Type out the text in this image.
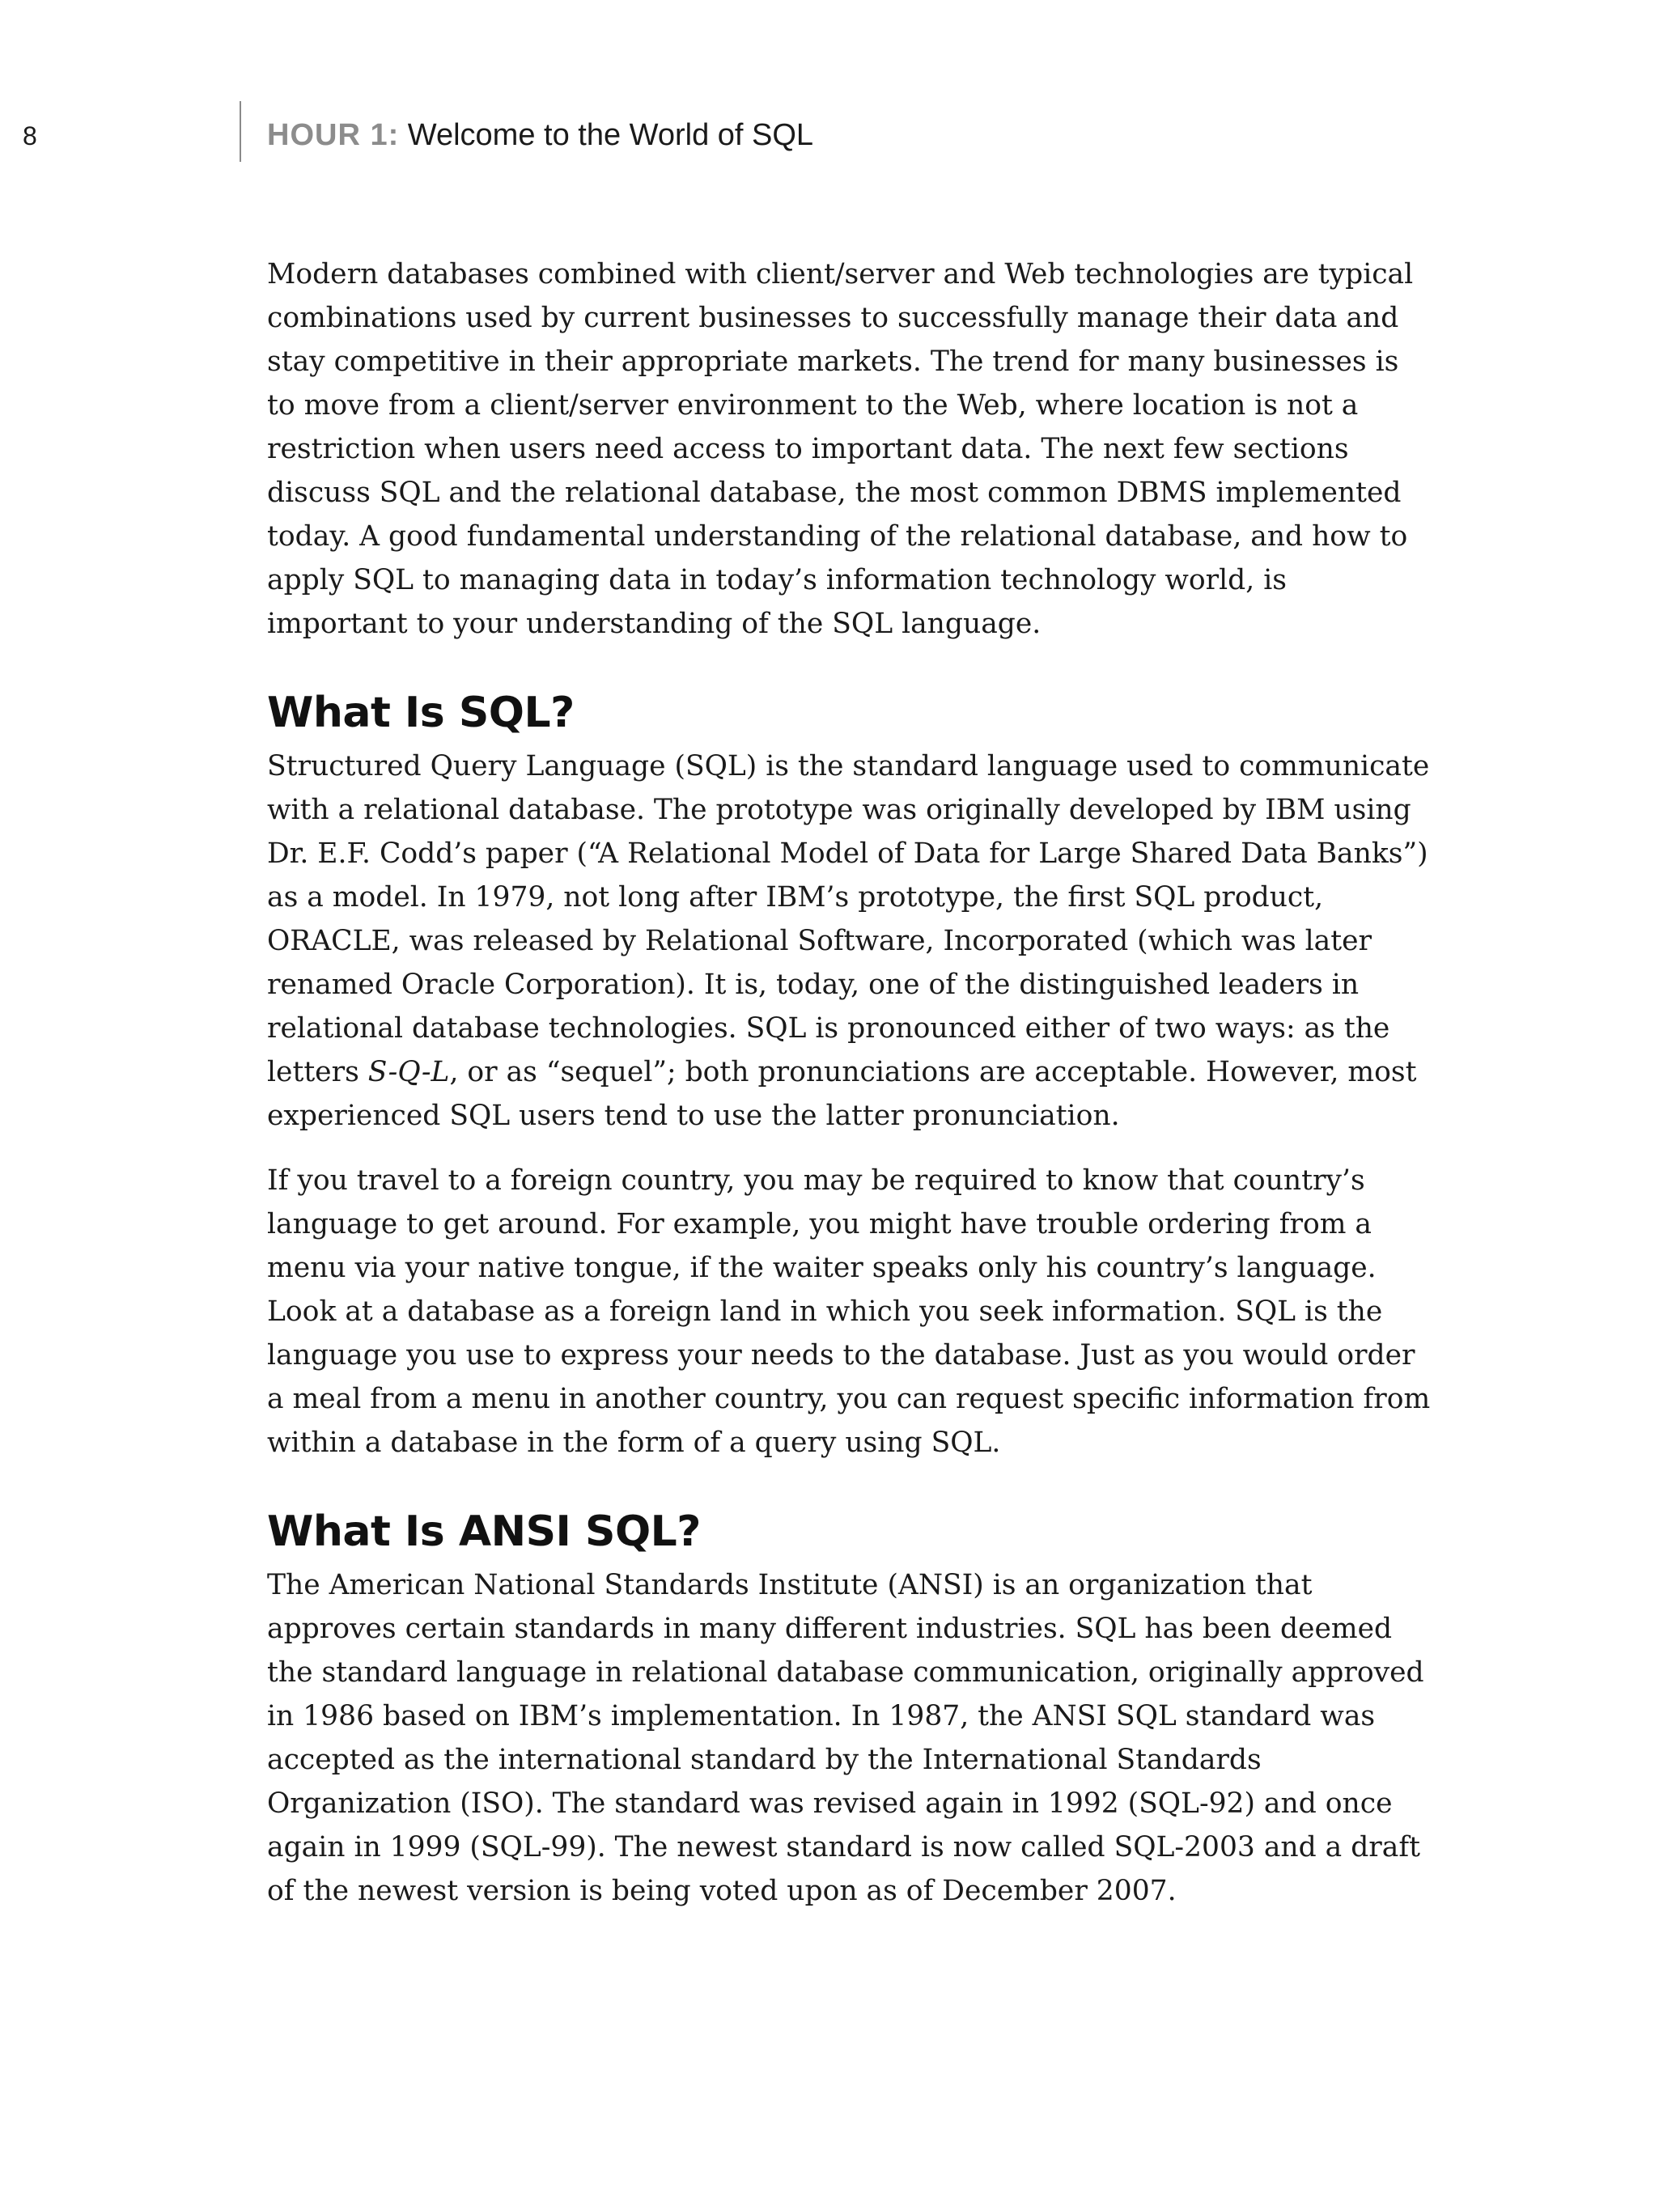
8	HOUR 1: Welcome to the World of SQL

Modern databases combined with client/server and Web technologies are typical combinations used by current businesses to successfully manage their data and stay competitive in their appropriate markets. The trend for many businesses is to move from a client/server environment to the Web, where location is not a restriction when users need access to important data. The next few sections discuss SQL and the relational database, the most common DBMS implemented today. A good fundamental understanding of the relational database, and how to apply SQL to managing data in today’s information technology world, is important to your understanding of the SQL language.

What Is SQL?

Structured Query Language (SQL) is the standard language used to communicate with a relational database. The prototype was originally developed by IBM using Dr. E.F. Codd’s paper (“A Relational Model of Data for Large Shared Data Banks”) as a model. In 1979, not long after IBM’s prototype, the first SQL product, ORACLE, was released by Relational Software, Incorporated (which was later renamed Oracle Corporation). It is, today, one of the distinguished leaders in relational database technologies. SQL is pronounced either of two ways: as the letters S-Q-L, or as “sequel”; both pronunciations are acceptable. However, most experienced SQL users tend to use the latter pronunciation.

If you travel to a foreign country, you may be required to know that country’s language to get around. For example, you might have trouble ordering from a menu via your native tongue, if the waiter speaks only his country’s language. Look at a database as a foreign land in which you seek information. SQL is the language you use to express your needs to the database. Just as you would order a meal from a menu in another country, you can request specific information from within a database in the form of a query using SQL.

What Is ANSI SQL?

The American National Standards Institute (ANSI) is an organization that approves certain standards in many different industries. SQL has been deemed the standard language in relational database communication, originally approved in 1986 based on IBM’s implementation. In 1987, the ANSI SQL standard was accepted as the international standard by the International Standards Organization (ISO). The standard was revised again in 1992 (SQL-92) and once again in 1999 (SQL-99). The newest standard is now called SQL-2003 and a draft of the newest version is being voted upon as of December 2007.
